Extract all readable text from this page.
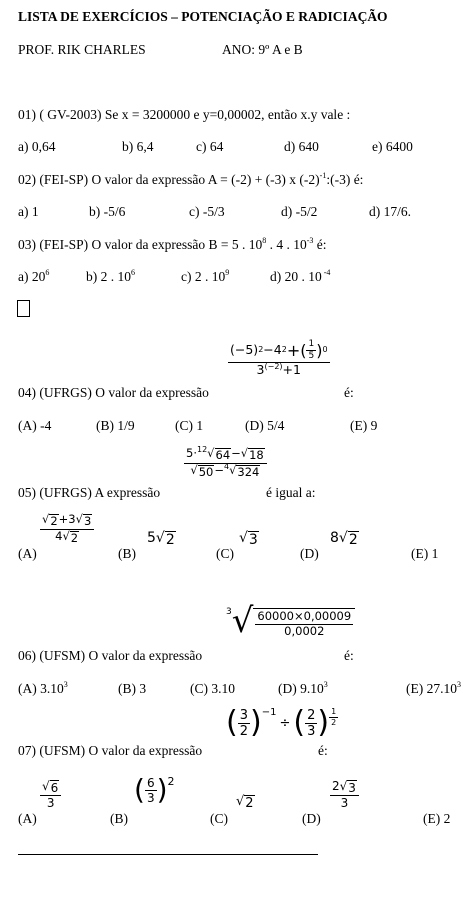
LISTA DE EXERCÍCIOS – POTENCIAÇÃO E RADICIAÇÃO
PROF. RIK CHARLES	ANO: 9º A e B
01) ( GV-2003) Se x = 3200000 e y=0,00002, então x.y vale :
a) 0,64	b) 6,4	c) 64	d) 640	e) 6400
02) (FEI-SP) O valor da expressão A = (-2) + (-3) x $(-2)^{-1}:(-3)$ é:
a) 1	b) -5/6	c) -5/3	d) -5/2	d) 17/6.
03) (FEI-SP) O valor da expressão B = 5 . $10^8$ . 4 . $10^{-3}$ é:
a) $20^6$	b) 2 . $10^6$	c) 2 . $10^9$	d) 20 . 10 $^{-4}$
$\frac{(-5)^2 -4^2 +( \frac{1}{5} )^0}{3^{(-2)}+1}$
04) (UFRGS) O valor da expressão	é:
(A) -4	(B) 1/9	(C) 1	(D) 5/4	(E) 9
$\frac{5\cdot 12 √ 64 - √ 18}{√ 50 - 4 √ 324}$
05) (UFRGS) A expressão	é igual a:
$\frac{√ 2 +3 √ 3}{4 √ 2}$
(A)	(B)
5 √ 2
(C)
√ 3
(D)
8 √ 2
(E) 1
3 √ $\frac{60000\times 0,00009}{0,0002}$
06) (UFSM) O valor da expressão	é:
(A) 3.10$^3$	(B) 3	(C) 3.10	(D) 9.10$^3$	(E) 27.10$^3$
( $\frac{3}{2}$ ) −1
÷ ( $\frac{2}{3}$ ) $\frac{1}{2}$
07) (UFSM) O valor da expressão	é:
$\frac{√ 6}{3}$
(A)
( $\frac{6}{3}$ ) 2
(B)	(C)
√ 2	$\frac{2 √ 3}{3}$
(D)	(E) 2
